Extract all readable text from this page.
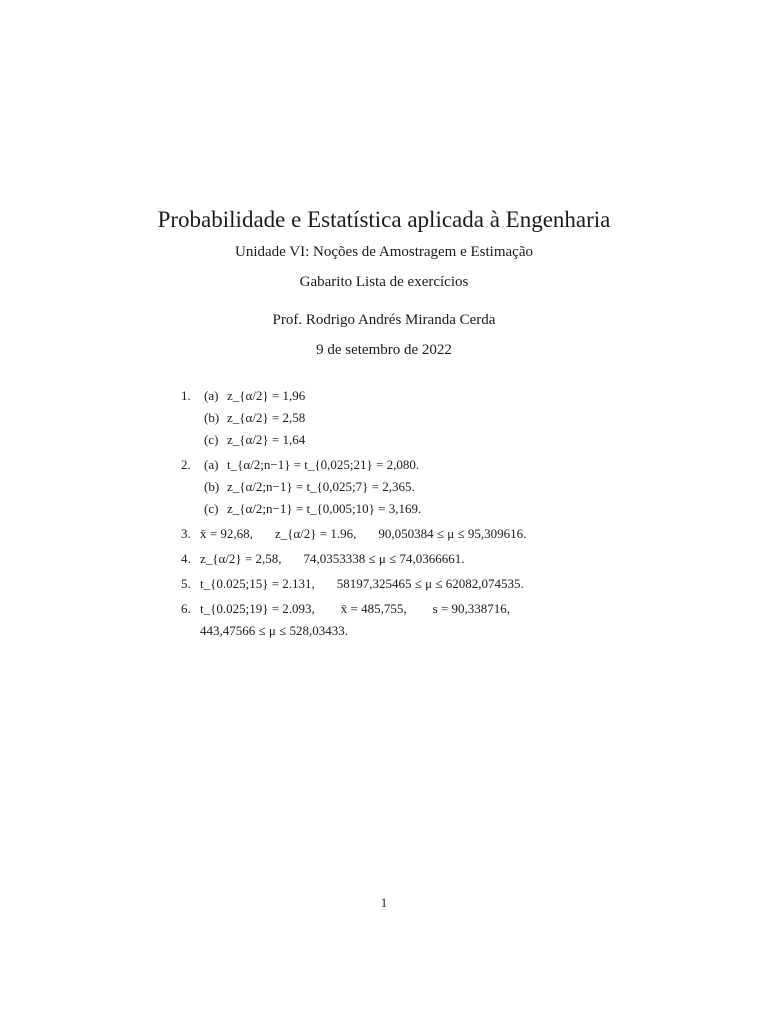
Probabilidade e Estatística aplicada à Engenharia
Unidade VI: Noções de Amostragem e Estimação
Gabarito Lista de exercícios
Prof. Rodrigo Andrés Miranda Cerda
9 de setembro de 2022
1.	(a) z_{α/2} = 1,96
(b) z_{α/2} = 2,58
(c) z_{α/2} = 1,64
2.	(a) t_{α/2;n−1} = t_{0,025;21} = 2,080.
(b) z_{α/2;n−1} = t_{0,025;7} = 2,365.
(c) z_{α/2;n−1} = t_{0,005;10} = 3,169.
3. x̄ = 92,68, z_{α/2} = 1.96, 90,050384 ≤ μ ≤ 95,309616.
4. z_{α/2} = 2,58, 74,0353338 ≤ μ ≤ 74,0366661.
5. t_{0.025;15} = 2.131, 58197,325465 ≤ μ ≤ 62082,074535.
6. t_{0.025;19} = 2.093, x̄ = 485,755, s = 90,338716,
443,47566 ≤ μ ≤ 528,03433.
1
